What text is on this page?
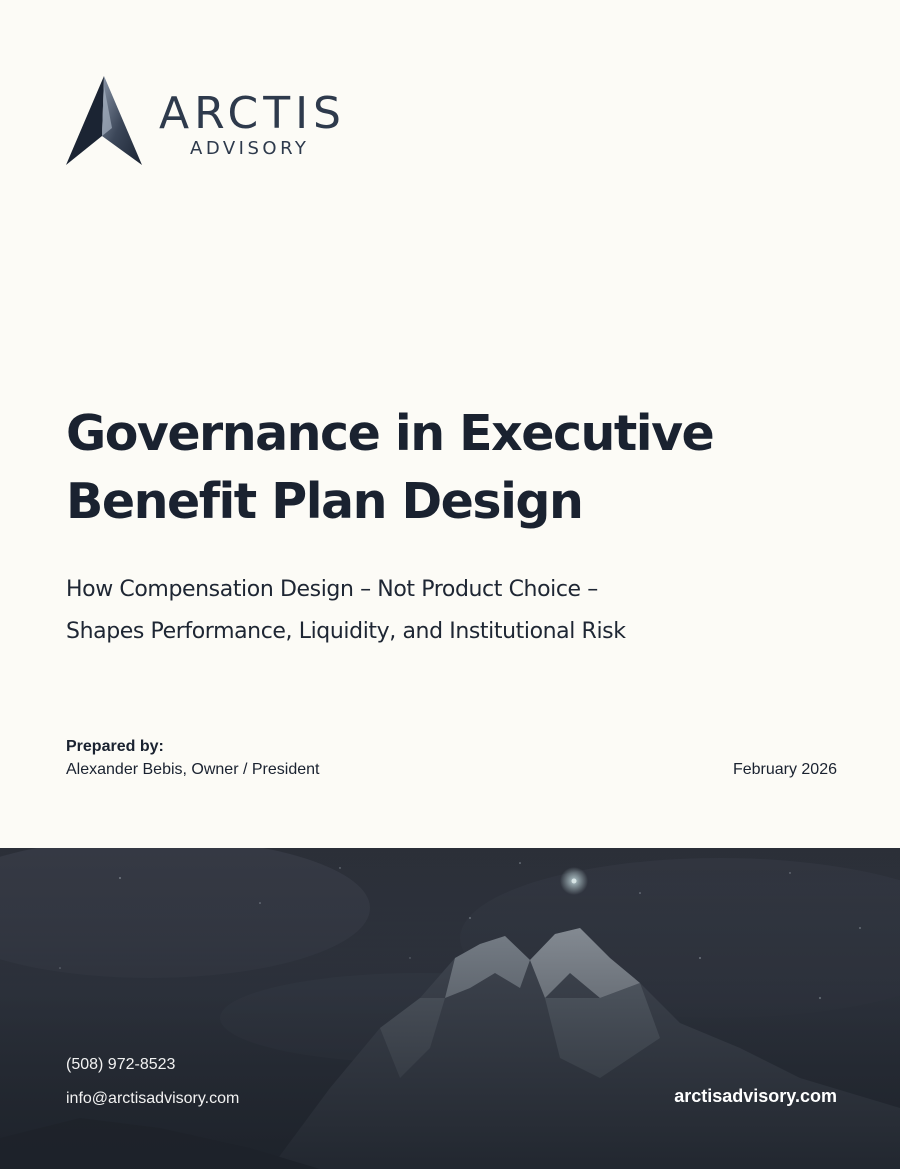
ARCTIS
ADVISORY
Governance in Executive
Benefit Plan Design
How Compensation Design – Not Product Choice –
Shapes Performance, Liquidity, and Institutional Risk
Prepared by:
Alexander Bebis, Owner / President	February 2026
(508) 972-8523
info@arctisadvisory.com	arctisadvisory.com
